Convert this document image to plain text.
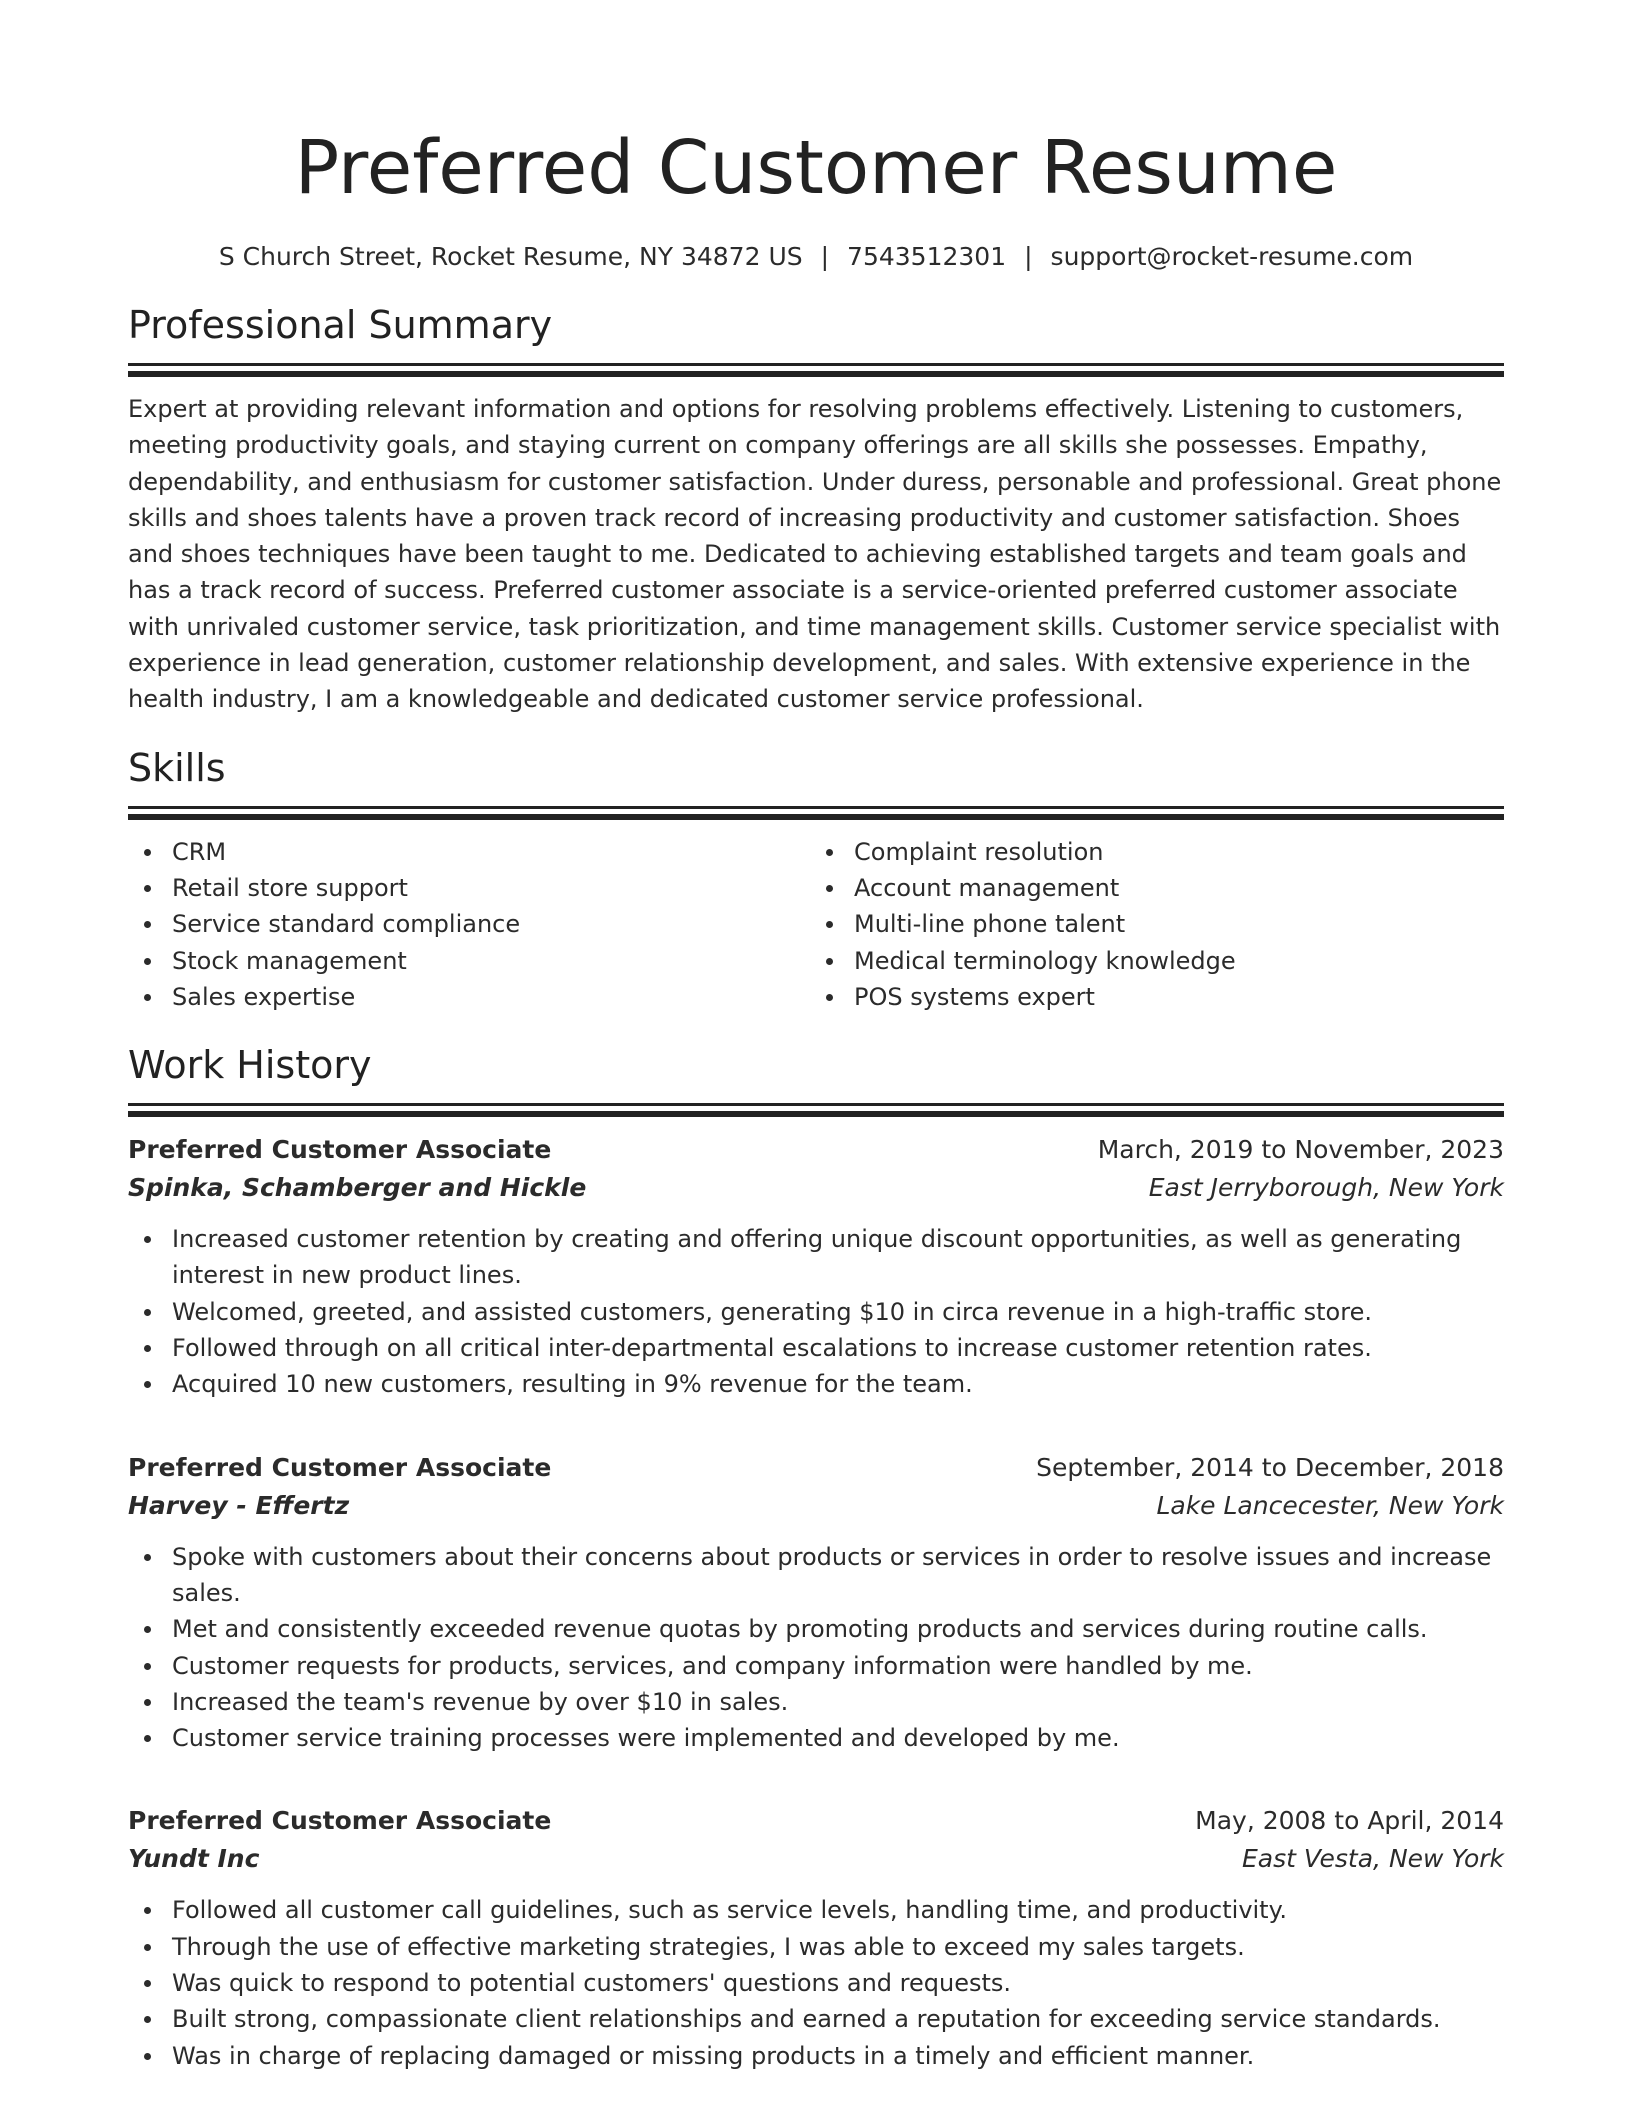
Preferred Customer Resume
S Church Street, Rocket Resume, NY 34872 US | 7543512301 | support@rocket-resume.com
Professional Summary
Expert at providing relevant information and options for resolving problems effectively. Listening to customers, meeting productivity goals, and staying current on company offerings are all skills she possesses. Empathy, dependability, and enthusiasm for customer satisfaction. Under duress, personable and professional. Great phone skills and shoes talents have a proven track record of increasing productivity and customer satisfaction. Shoes and shoes techniques have been taught to me. Dedicated to achieving established targets and team goals and has a track record of success. Preferred customer associate is a service-oriented preferred customer associate with unrivaled customer service, task prioritization, and time management skills. Customer service specialist with experience in lead generation, customer relationship development, and sales. With extensive experience in the health industry, I am a knowledgeable and dedicated customer service professional.
Skills
CRM
Retail store support
Service standard compliance
Stock management
Sales expertise
Complaint resolution
Account management
Multi-line phone talent
Medical terminology knowledge
POS systems expert
Work History
Preferred Customer Associate	March, 2019 to November, 2023
Spinka, Schamberger and Hickle	East Jerryborough, New York
Increased customer retention by creating and offering unique discount opportunities, as well as generating interest in new product lines.
Welcomed, greeted, and assisted customers, generating $10 in circa revenue in a high-traffic store.
Followed through on all critical inter-departmental escalations to increase customer retention rates.
Acquired 10 new customers, resulting in 9% revenue for the team.
Preferred Customer Associate	September, 2014 to December, 2018
Harvey - Effertz	Lake Lancecester, New York
Spoke with customers about their concerns about products or services in order to resolve issues and increase sales.
Met and consistently exceeded revenue quotas by promoting products and services during routine calls.
Customer requests for products, services, and company information were handled by me.
Increased the team's revenue by over $10 in sales.
Customer service training processes were implemented and developed by me.
Preferred Customer Associate	May, 2008 to April, 2014
Yundt Inc	East Vesta, New York
Followed all customer call guidelines, such as service levels, handling time, and productivity.
Through the use of effective marketing strategies, I was able to exceed my sales targets.
Was quick to respond to potential customers' questions and requests.
Built strong, compassionate client relationships and earned a reputation for exceeding service standards.
Was in charge of replacing damaged or missing products in a timely and efficient manner.
